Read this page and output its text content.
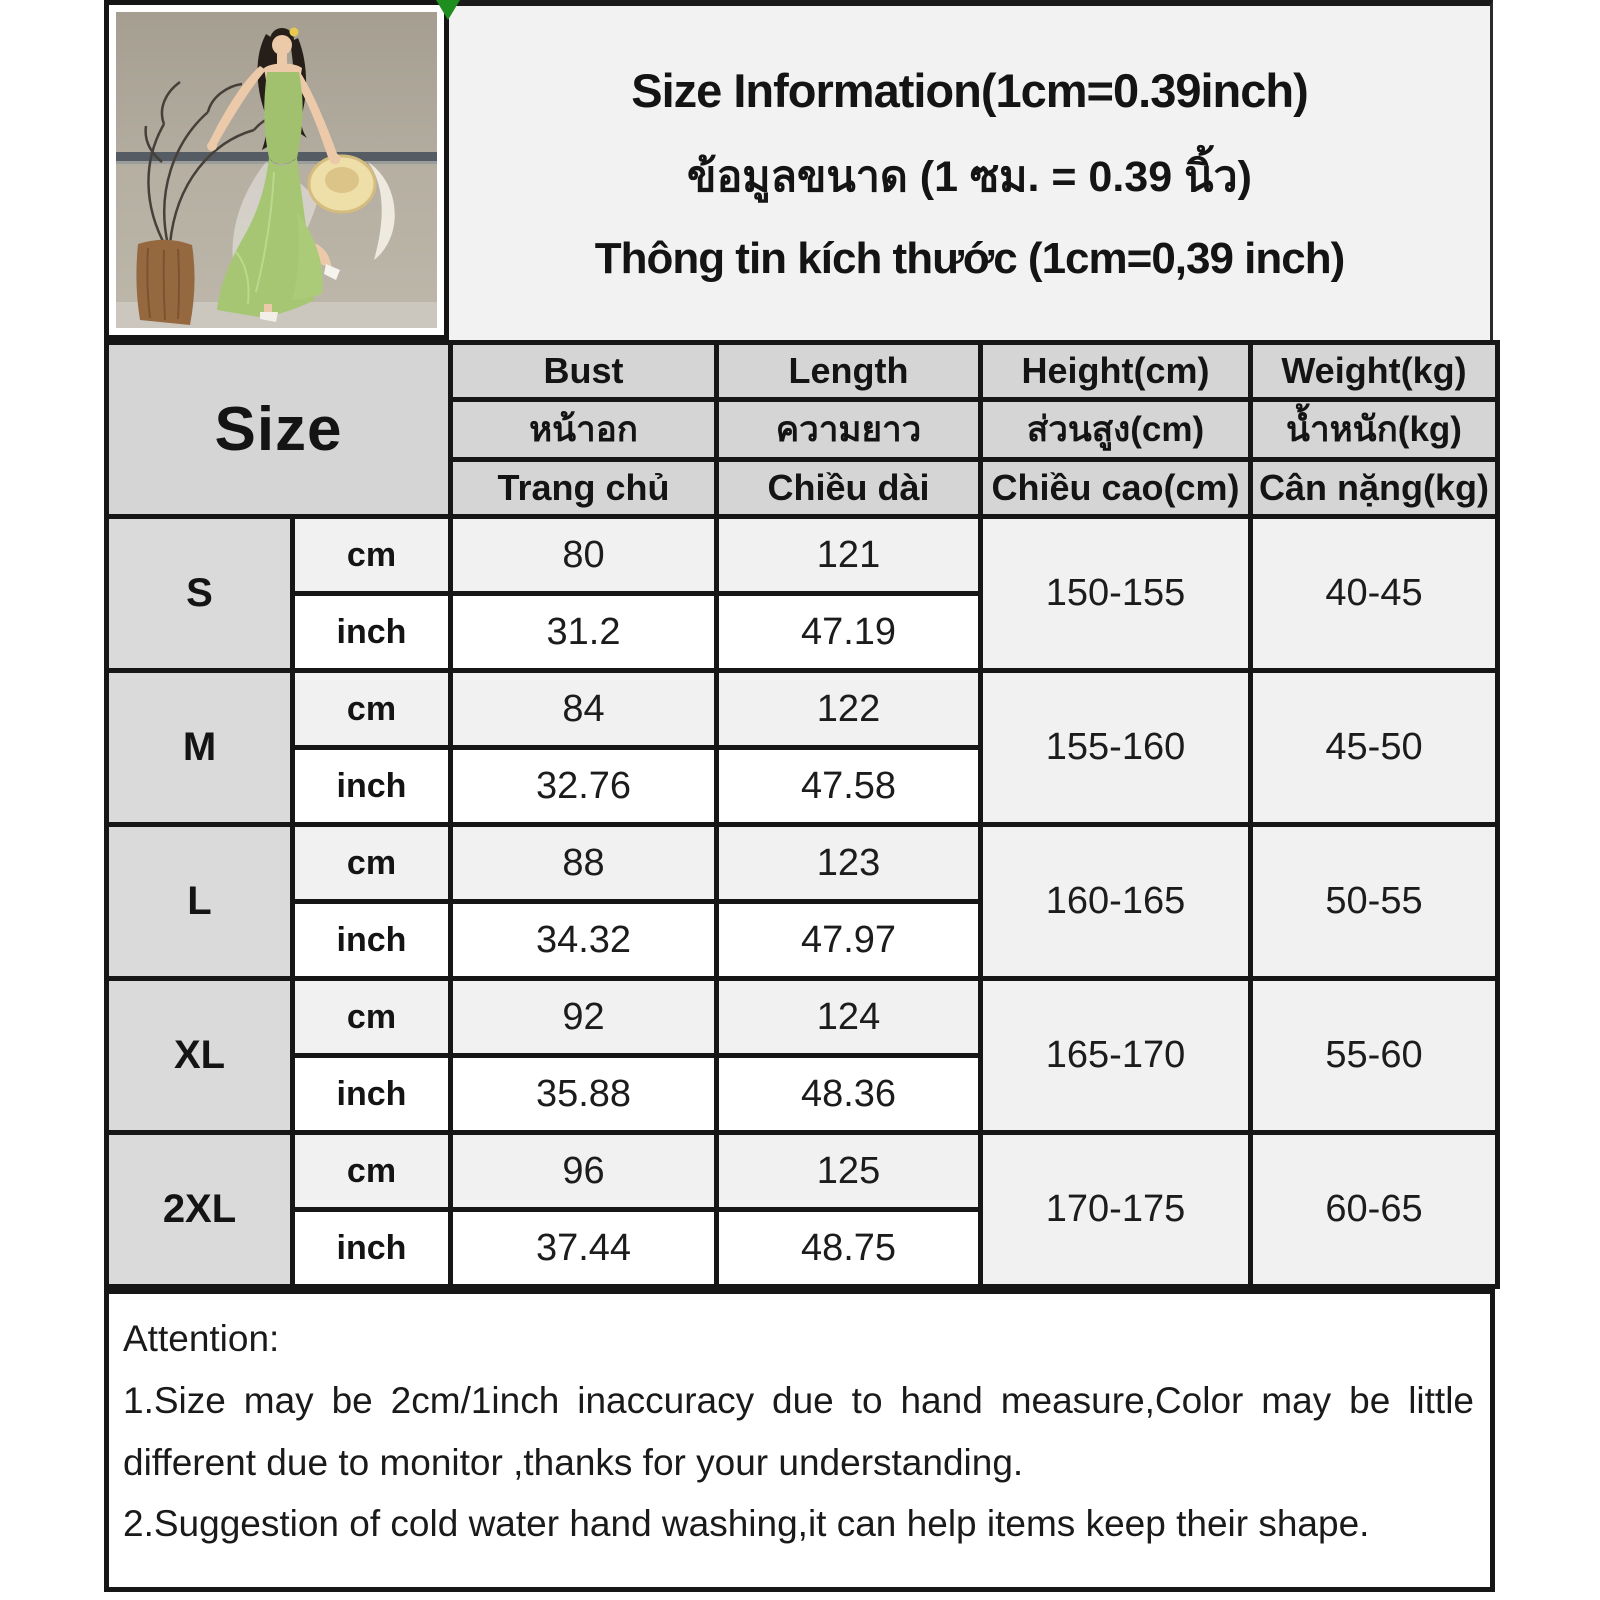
Size Information(1cm=0.39inch)
ข้อมูลขนาด (1 ซม. = 0.39 นิ้ว)
Thông tin kích thước (1cm=0,39 inch)
Size		Bust	Length	Height(cm)	Weight(kg)
		หน้าอก	ความยาว	ส่วนสูง(cm)	น้ำหนัก(kg)
		Trang chủ	Chiều dài	Chiều cao(cm)	Cân nặng(kg)
S	cm	80	121	150-155	40-45
	inch	31.2	47.19		
M	cm	84	122	155-160	45-50
	inch	32.76	47.58		
L	cm	88	123	160-165	50-55
	inch	34.32	47.97		
XL	cm	92	124	165-170	55-60
	inch	35.88	48.36		
2XL	cm	96	125	170-175	60-65
	inch	37.44	48.75		
Attention:
1.Size may be 2cm/1inch inaccuracy due to hand measure,Color may be little different due to monitor ,thanks for your understanding.
2.Suggestion of cold water hand washing,it can help items keep their shape.
